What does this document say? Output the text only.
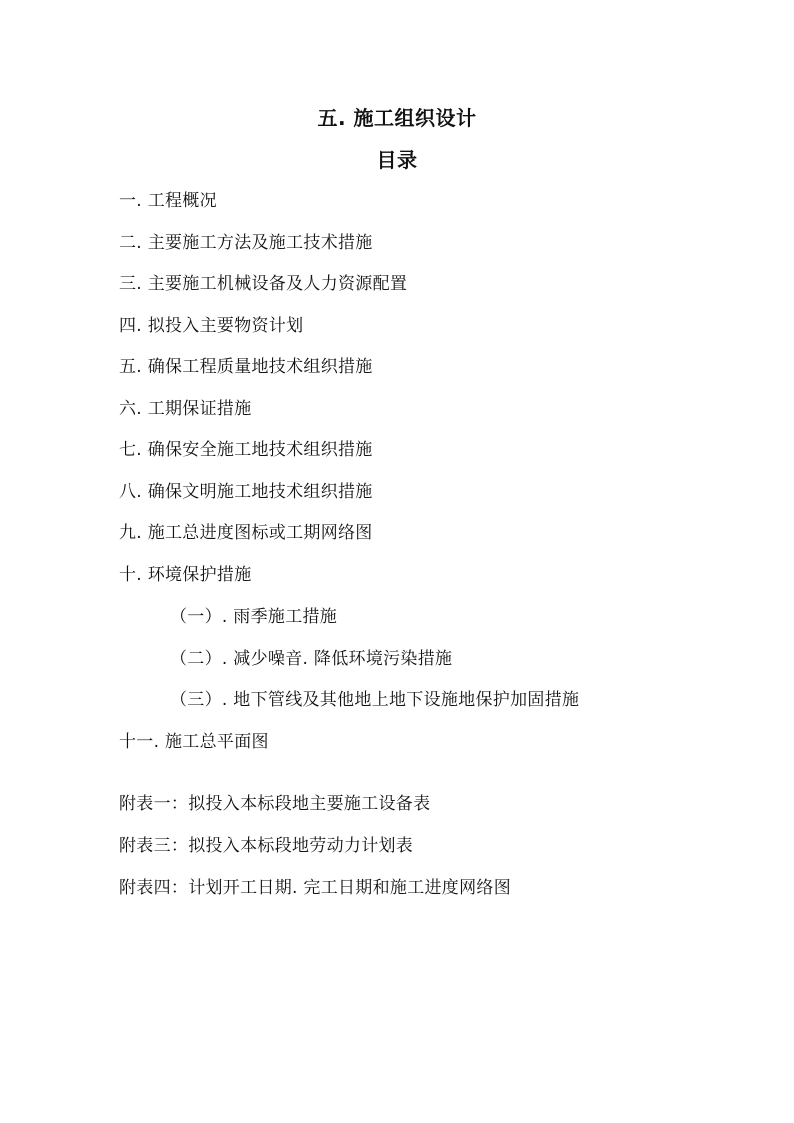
五. 施工组织设计
目录
一. 工程概况
二. 主要施工方法及施工技术措施
三. 主要施工机械设备及人力资源配置
四. 拟投入主要物资计划
五. 确保工程质量地技术组织措施
六. 工期保证措施
七. 确保安全施工地技术组织措施
八. 确保文明施工地技术组织措施
九. 施工总进度图标或工期网络图
十. 环境保护措施
（一）. 雨季施工措施
（二）. 减少噪音. 降低环境污染措施
（三）. 地下管线及其他地上地下设施地保护加固措施
十一. 施工总平面图
附表一：拟投入本标段地主要施工设备表
附表三：拟投入本标段地劳动力计划表
附表四：计划开工日期. 完工日期和施工进度网络图
